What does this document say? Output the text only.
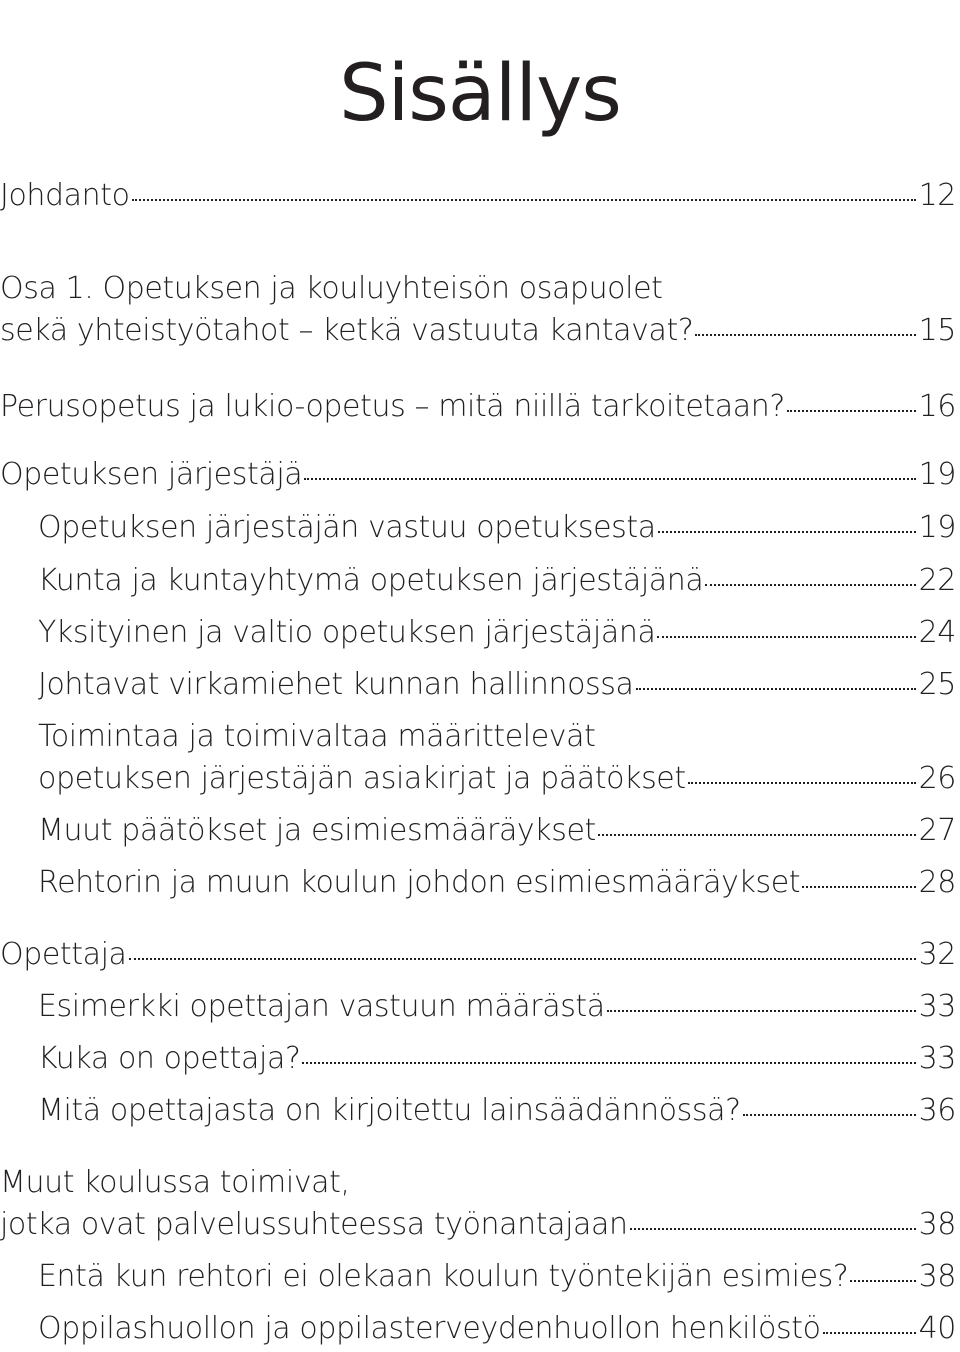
Sisällys
Johdanto	12
Osa 1. Opetuksen ja kouluyhteisön osapuolet
sekä yhteistyötahot – ketkä vastuuta kantavat?	15
Perusopetus ja lukio-opetus – mitä niillä tarkoitetaan?	16
Opetuksen järjestäjä	19
Opetuksen järjestäjän vastuu opetuksesta	19
Kunta ja kuntayhtymä opetuksen järjestäjänä	22
Yksityinen ja valtio opetuksen järjestäjänä	24
Johtavat virkamiehet kunnan hallinnossa	25
Toimintaa ja toimivaltaa määrittelevät
opetuksen järjestäjän asiakirjat ja päätökset	26
Muut päätökset ja esimiesmääräykset	27
Rehtorin ja muun koulun johdon esimiesmääräykset	28
Opettaja	32
Esimerkki opettajan vastuun määrästä	33
Kuka on opettaja?	33
Mitä opettajasta on kirjoitettu lainsäädännössä?	36
Muut koulussa toimivat,
jotka ovat palvelussuhteessa työnantajaan	38
Entä kun rehtori ei olekaan koulun työntekijän esimies? 38
Oppilashuollon ja oppilasterveydenhuollon henkilöstö	40
